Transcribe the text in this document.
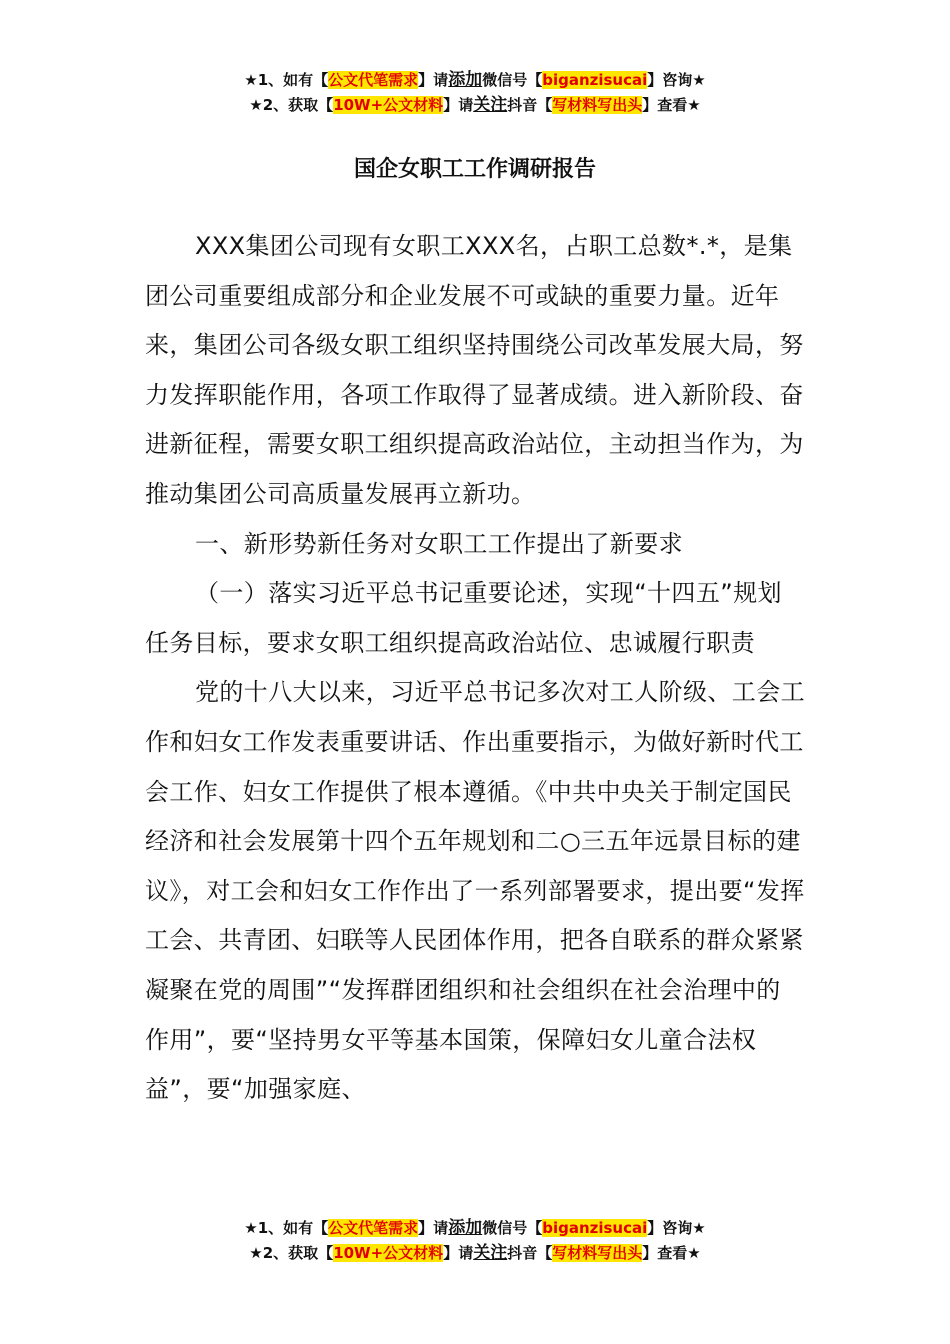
★1、如有【公文代笔需求】请添加微信号【biganzisucai】咨询★
★2、获取【10W+公文材料】请关注抖音【写材料写出头】查看★
国企女职工工作调研报告

XXX集团公司现有女职工XXX名，占职工总数*.*，是集团公司重要组成部分和企业发展不可或缺的重要力量。近年来，集团公司各级女职工组织坚持围绕公司改革发展大局，努力发挥职能作用，各项工作取得了显著成绩。进入新阶段、奋进新征程，需要女职工组织提高政治站位，主动担当作为，为推动集团公司高质量发展再立新功。

一、新形势新任务对女职工工作提出了新要求

（一）落实习近平总书记重要论述，实现“十四五”规划任务目标，要求女职工组织提高政治站位、忠诚履行职责

党的十八大以来，习近平总书记多次对工人阶级、工会工作和妇女工作发表重要讲话、作出重要指示，为做好新时代工会工作、妇女工作提供了根本遵循。《中共中央关于制定国民经济和社会发展第十四个五年规划和二○三五年远景目标的建议》，对工会和妇女工作作出了一系列部署要求，提出要“发挥工会、共青团、妇联等人民团体作用，把各自联系的群众紧紧凝聚在党的周围”“发挥群团组织和社会组织在社会治理中的作用”，要“坚持男女平等基本国策，保障妇女儿童合法权益”，要“加强家庭、

★1、如有【公文代笔需求】请添加微信号【biganzisucai】咨询★
★2、获取【10W+公文材料】请关注抖音【写材料写出头】查看★
